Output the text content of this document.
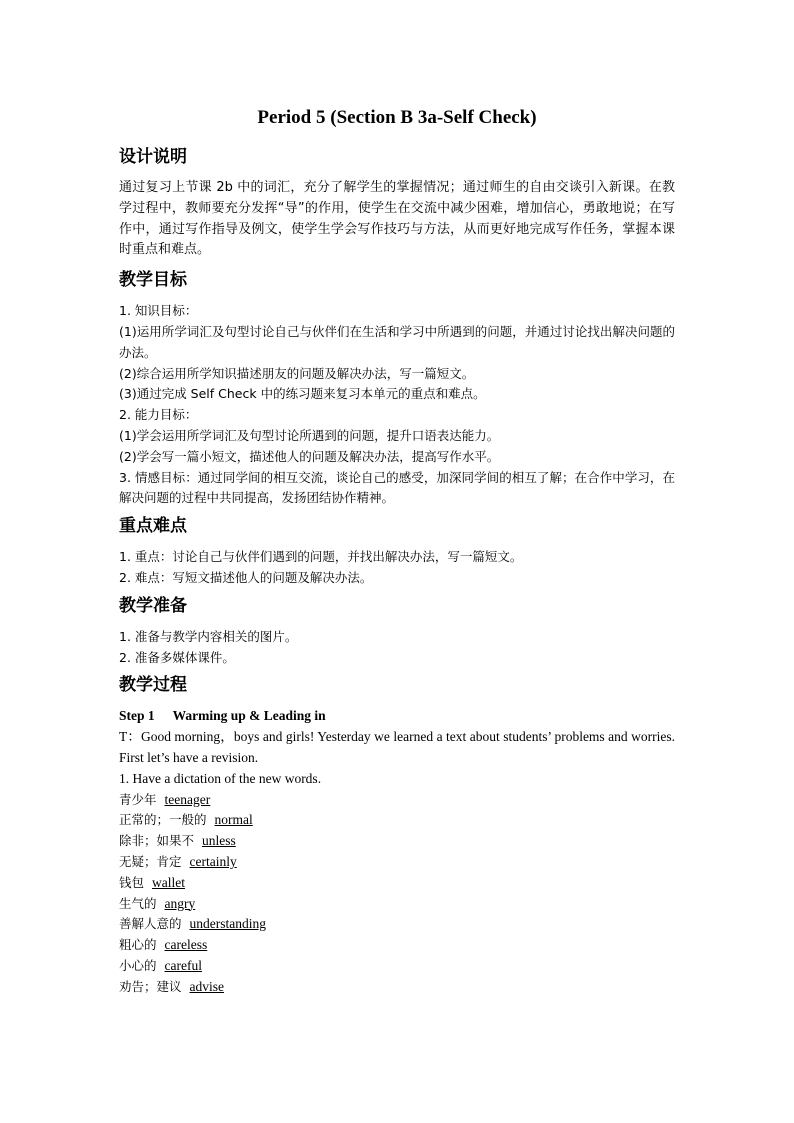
Period 5 (Section B 3a-Self Check)
设计说明

通过复习上节课 2b 中的词汇，充分了解学生的掌握情况；通过师生的自由交谈引入新课。在教学过程中，教师要充分发挥“导”的作用，使学生在交流中减少困难，增加信心，勇敢地说；在写作中，通过写作指导及例文，使学生学会写作技巧与方法，从而更好地完成写作任务，掌握本课时重点和难点。

教学目标

1. 知识目标：

(1)运用所学词汇及句型讨论自己与伙伴们在生活和学习中所遇到的问题，并通过讨论找出解决问题的办法。

(2)综合运用所学知识描述朋友的问题及解决办法，写一篇短文。

(3)通过完成 Self Check 中的练习题来复习本单元的重点和难点。

2. 能力目标：

(1)学会运用所学词汇及句型讨论所遇到的问题，提升口语表达能力。

(2)学会写一篇小短文，描述他人的问题及解决办法，提高写作水平。

3. 情感目标：通过同学间的相互交流，谈论自己的感受，加深同学间的相互了解；在合作中学习，在解决问题的过程中共同提高，发扬团结协作精神。

重点难点

1. 重点：讨论自己与伙伴们遇到的问题，并找出解决办法，写一篇短文。

2. 难点：写短文描述他人的问题及解决办法。

教学准备

1. 准备与教学内容相关的图片。

2. 准备多媒体课件。

教学过程

Step 1 Warming up & Leading in

T：Good morning，boys and girls! Yesterday we learned a text about students’ problems and worries. First let’s have a revision.

1. Have a dictation of the new words.

青少年 teenager

正常的；一般的 normal

除非；如果不 unless

无疑；肯定 certainly

钱包 wallet

生气的 angry

善解人意的 understanding

粗心的 careless

小心的 careful

劝告；建议 advise
